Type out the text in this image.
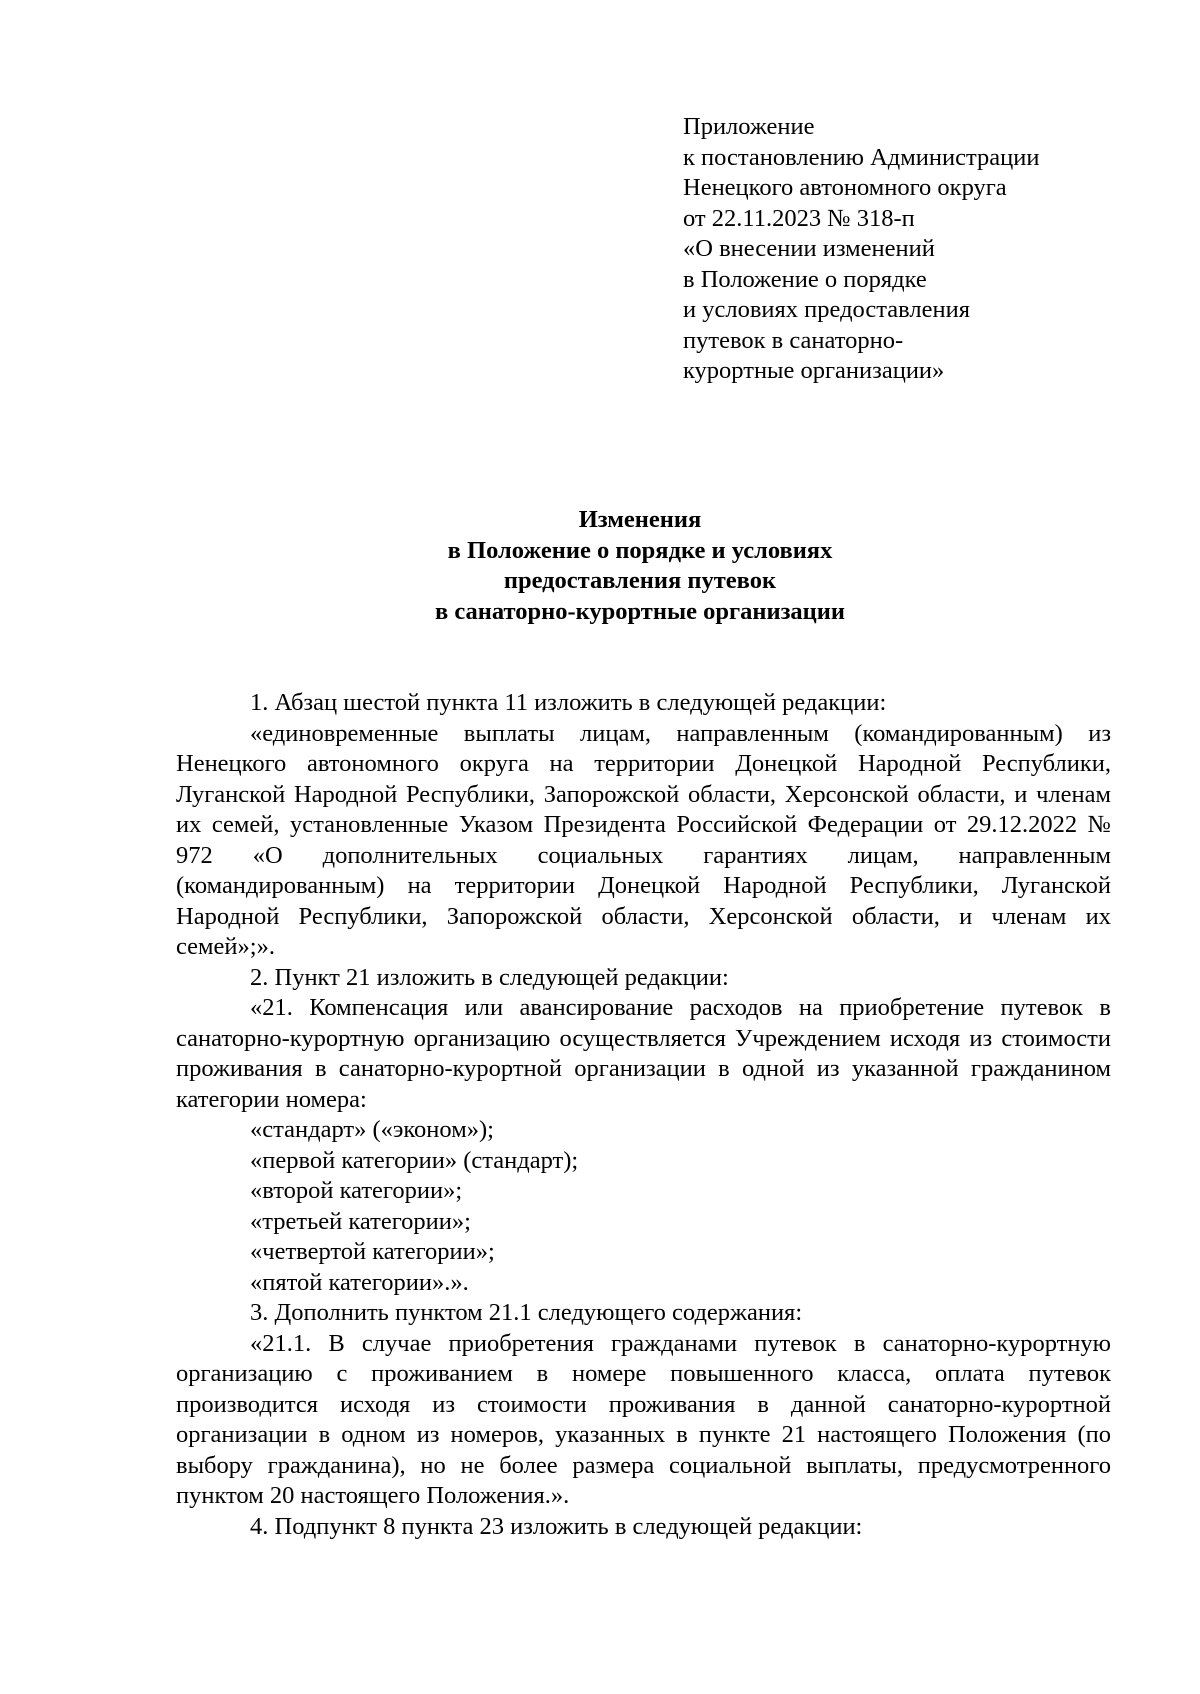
Приложение
к постановлению Администрации
Ненецкого автономного округа
от 22.11.2023 № 318-п
«О внесении изменений
в Положение о порядке
и условиях предоставления
путевок в санаторно-
курортные организации»
Изменения
в Положение о порядке и условиях
предоставления путевок
в санаторно-курортные организации

1. Абзац шестой пункта 11 изложить в следующей редакции:

«единовременные выплаты лицам, направленным (командированным) из Ненецкого автономного округа на территории Донецкой Народной Республики, Луганской Народной Республики, Запорожской области, Херсонской области, и членам их семей, установленные Указом Президента Российской Федерации от 29.12.2022 № 972 «О дополнительных социальных гарантиях лицам, направленным (командированным) на территории Донецкой Народной Республики, Луганской Народной Республики, Запорожской области, Херсонской области, и членам их семей»;».

2. Пункт 21 изложить в следующей редакции:

«21. Компенсация или авансирование расходов на приобретение путевок в санаторно-курортную организацию осуществляется Учреждением исходя из стоимости проживания в санаторно-курортной организации в одной из указанной гражданином категории номера:

«стандарт» («эконом»);

«первой категории» (стандарт);

«второй категории»;

«третьей категории»;

«четвертой категории»;

«пятой категории».».

3. Дополнить пунктом 21.1 следующего содержания:

«21.1. В случае приобретения гражданами путевок в санаторно-курортную организацию с проживанием в номере повышенного класса, оплата путевок производится исходя из стоимости проживания в данной санаторно-курортной организации в одном из номеров, указанных в пункте 21 настоящего Положения (по выбору гражданина), но не более размера социальной выплаты, предусмотренного пунктом 20 настоящего Положения.».

4. Подпункт 8 пункта 23 изложить в следующей редакции:
